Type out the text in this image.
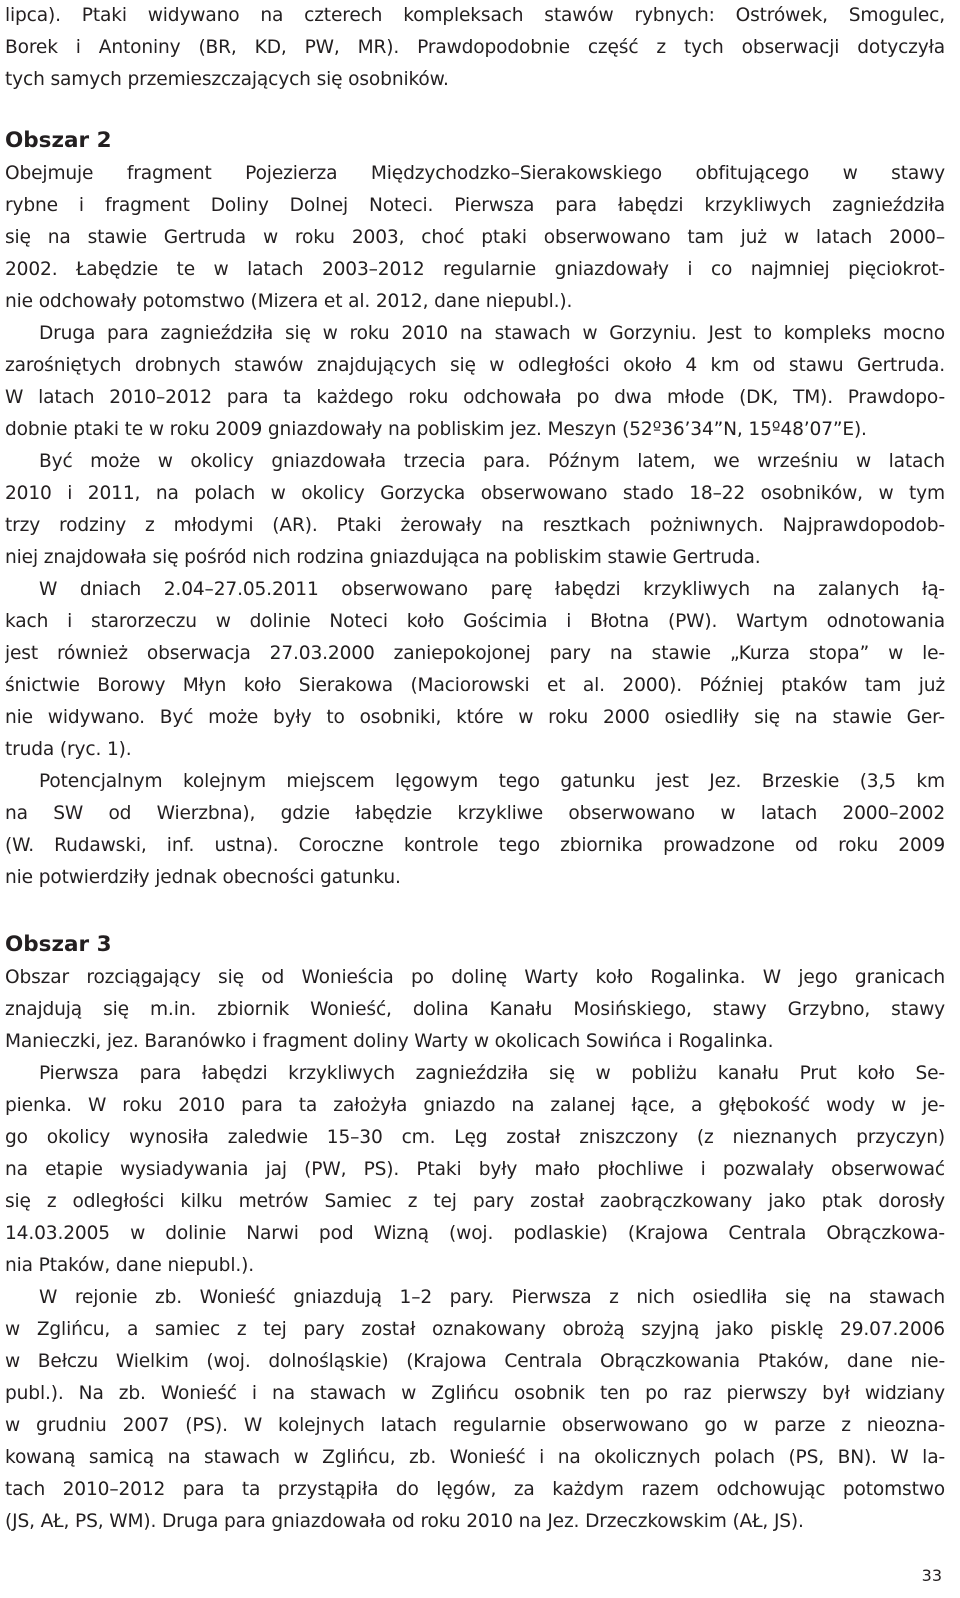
lipca). Ptaki widywano na czterech kompleksach stawów rybnych: Ostrówek, Smogulec,
Borek i Antoniny (BR, KD, PW, MR). Prawdopodobnie część z tych obserwacji dotyczyła
tych samych przemieszczających się osobników.
Obszar 2
Obejmuje fragment Pojezierza Międzychodzko–Sierakowskiego obfitującego w stawy
rybne i fragment Doliny Dolnej Noteci. Pierwsza para łabędzi krzykliwych zagnieździła
się na stawie Gertruda w roku 2003, choć ptaki obserwowano tam już w latach 2000–
2002. Łabędzie te w latach 2003–2012 regularnie gniazdowały i co najmniej pięciokrot-
nie odchowały potomstwo (Mizera et al. 2012, dane niepubl.).
Druga para zagnieździła się w roku 2010 na stawach w Gorzyniu. Jest to kompleks mocno
zarośniętych drobnych stawów znajdujących się w odległości około 4 km od stawu Gertruda.
W latach 2010–2012 para ta każdego roku odchowała po dwa młode (DK, TM). Prawdopo-
dobnie ptaki te w roku 2009 gniazdowały na pobliskim jez. Meszyn (52º36’34”N, 15º48’07”E).
Być może w okolicy gniazdowała trzecia para. Późnym latem, we wrześniu w latach
2010 i 2011, na polach w okolicy Gorzycka obserwowano stado 18–22 osobników, w tym
trzy rodziny z młodymi (AR). Ptaki żerowały na resztkach pożniwnych. Najprawdopodob-
niej znajdowała się pośród nich rodzina gniazdująca na pobliskim stawie Gertruda.
W dniach 2.04–27.05.2011 obserwowano parę łabędzi krzykliwych na zalanych łą-
kach i starorzeczu w dolinie Noteci koło Gościmia i Błotna (PW). Wartym odnotowania
jest również obserwacja 27.03.2000 zaniepokojonej pary na stawie „Kurza stopa” w le-
śnictwie Borowy Młyn koło Sierakowa (Maciorowski et al. 2000). Później ptaków tam już
nie widywano. Być może były to osobniki, które w roku 2000 osiedliły się na stawie Ger-
truda (ryc. 1).
Potencjalnym kolejnym miejscem lęgowym tego gatunku jest Jez. Brzeskie (3,5 km
na SW od Wierzbna), gdzie łabędzie krzykliwe obserwowano w latach 2000–2002
(W. Rudawski, inf. ustna). Coroczne kontrole tego zbiornika prowadzone od roku 2009
nie potwierdziły jednak obecności gatunku.
Obszar 3
Obszar rozciągający się od Wonieścia po dolinę Warty koło Rogalinka. W jego granicach
znajdują się m.in. zbiornik Wonieść, dolina Kanału Mosińskiego, stawy Grzybno, stawy
Manieczki, jez. Baranówko i fragment doliny Warty w okolicach Sowińca i Rogalinka.
Pierwsza para łabędzi krzykliwych zagnieździła się w pobliżu kanału Prut koło Se-
pienka. W roku 2010 para ta założyła gniazdo na zalanej łące, a głębokość wody w je-
go okolicy wynosiła zaledwie 15–30 cm. Lęg został zniszczony (z nieznanych przyczyn)
na etapie wysiadywania jaj (PW, PS). Ptaki były mało płochliwe i pozwalały obserwować
się z odległości kilku metrów Samiec z tej pary został zaobrączkowany jako ptak dorosły
14.03.2005 w dolinie Narwi pod Wizną (woj. podlaskie) (Krajowa Centrala Obrączkowa-
nia Ptaków, dane niepubl.).
W rejonie zb. Wonieść gniazdują 1–2 pary. Pierwsza z nich osiedliła się na stawach
w Zglińcu, a samiec z tej pary został oznakowany obrożą szyjną jako pisklę 29.07.2006
w Bełczu Wielkim (woj. dolnośląskie) (Krajowa Centrala Obrączkowania Ptaków, dane nie-
publ.). Na zb. Wonieść i na stawach w Zglińcu osobnik ten po raz pierwszy był widziany
w grudniu 2007 (PS). W kolejnych latach regularnie obserwowano go w parze z nieozna-
kowaną samicą na stawach w Zglińcu, zb. Wonieść i na okolicznych polach (PS, BN). W la-
tach 2010–2012 para ta przystąpiła do lęgów, za każdym razem odchowując potomstwo
(JS, AŁ, PS, WM). Druga para gniazdowała od roku 2010 na Jez. Drzeczkowskim (AŁ, JS).
33
